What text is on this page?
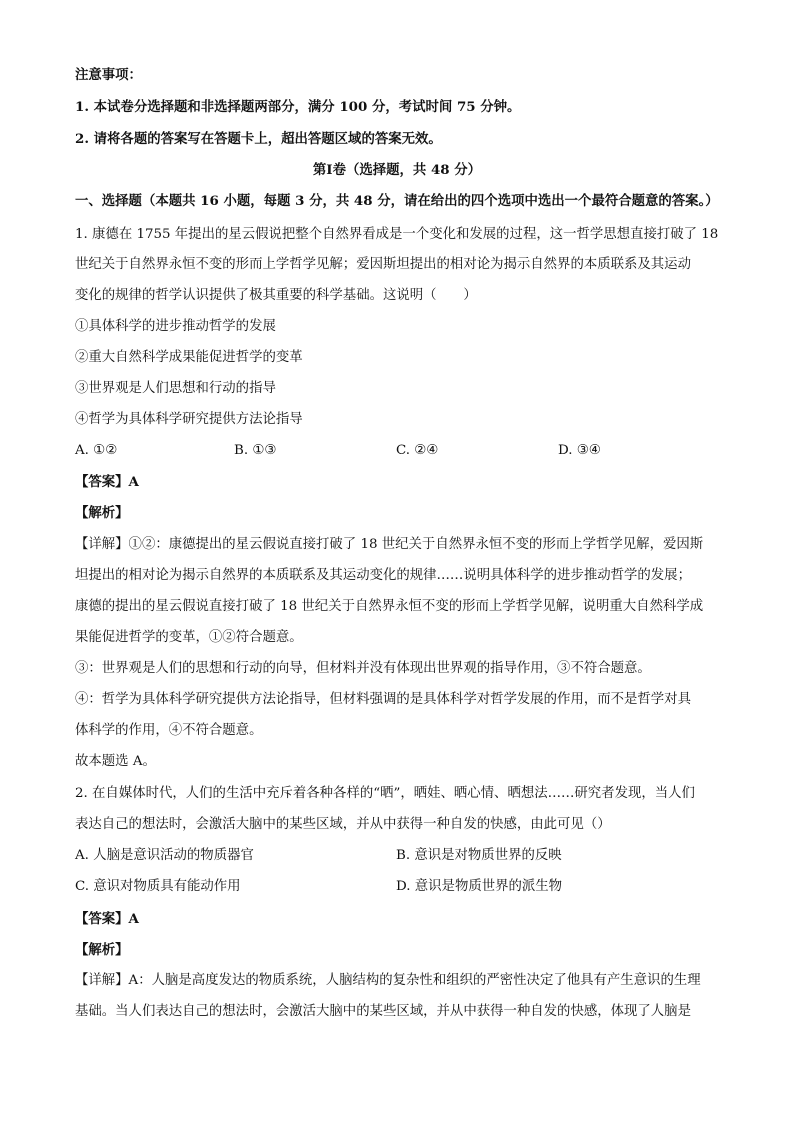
注意事项：
1. 本试卷分选择题和非选择题两部分，满分 100 分，考试时间 75 分钟。
2. 请将各题的答案写在答题卡上，超出答题区域的答案无效。
第Ⅰ卷（选择题，共 48 分）
一、选择题（本题共 16 小题，每题 3 分，共 48 分，请在给出的四个选项中选出一个最符合题意的答案。）
1. 康德在 1755 年提出的星云假说把整个自然界看成是一个变化和发展的过程，这一哲学思想直接打破了 18
世纪关于自然界永恒不变的形而上学哲学见解；爱因斯坦提出的相对论为揭示自然界的本质联系及其运动
变化的规律的哲学认识提供了极其重要的科学基础。这说明（　　）
①具体科学的进步推动哲学的发展
②重大自然科学成果能促进哲学的变革
③世界观是人们思想和行动的指导
④哲学为具体科学研究提供方法论指导
A. ①②	B. ①③	C. ②④	D. ③④
【答案】A
【解析】
【详解】①②：康德提出的星云假说直接打破了 18 世纪关于自然界永恒不变的形而上学哲学见解，爱因斯
坦提出的相对论为揭示自然界的本质联系及其运动变化的规律……说明具体科学的进步推动哲学的发展；
康德的提出的星云假说直接打破了 18 世纪关于自然界永恒不变的形而上学哲学见解，说明重大自然科学成
果能促进哲学的变革，①②符合题意。
③：世界观是人们的思想和行动的向导，但材料并没有体现出世界观的指导作用，③不符合题意。
④：哲学为具体科学研究提供方法论指导，但材料强调的是具体科学对哲学发展的作用，而不是哲学对具
体科学的作用，④不符合题意。
故本题选 A。
2. 在自媒体时代，人们的生活中充斥着各种各样的“晒”，晒娃、晒心情、晒想法……研究者发现，当人们
表达自己的想法时，会激活大脑中的某些区域，并从中获得一种自发的快感，由此可见（）
A. 人脑是意识活动的物质器官	B. 意识是对物质世界的反映
C. 意识对物质具有能动作用	D. 意识是物质世界的派生物
【答案】A
【解析】
【详解】A：人脑是高度发达的物质系统，人脑结构的复杂性和组织的严密性决定了他具有产生意识的生理
基础。当人们表达自己的想法时，会激活大脑中的某些区域，并从中获得一种自发的快感，体现了人脑是
